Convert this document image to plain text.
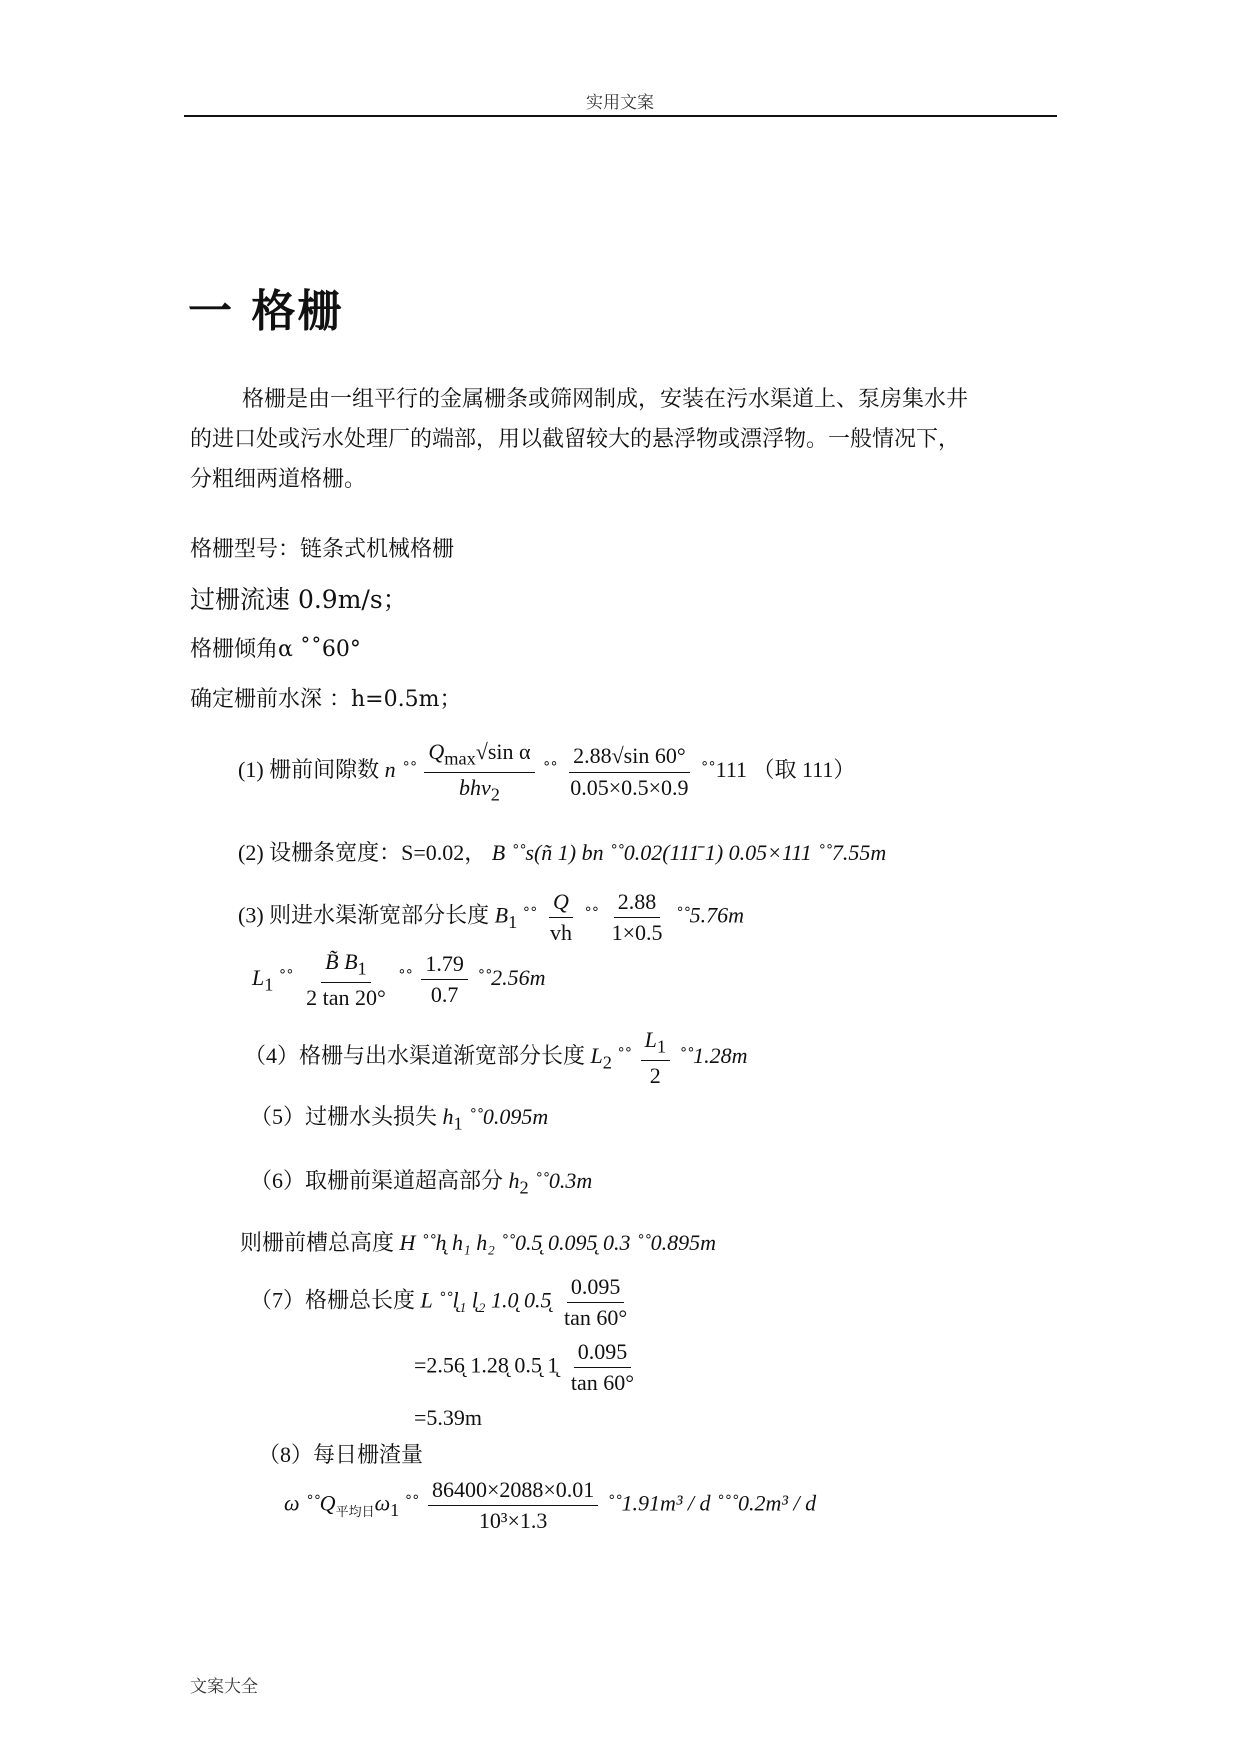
实用文案
一 格栅

格栅是由一组平行的金属栅条或筛网制成，安装在污水渠道上、泵房集水井

的进口处或污水处理厂的端部，用以截留较大的悬浮物或漂浮物。一般情况下，

分粗细两道格栅。

格栅型号：链条式机械格栅
过栅流速 0.9m/s；
格栅倾角α ˚˚60°
确定栅前水深 ：h=0.5m；
(1) 栅前间隙数 n ˚˚ $\frac{Q_{max}√\sin \alpha}{bhv_2}$ ˚˚ $\frac{2.88√\sin 60^\circ}{0.05\times 0.5\times 0.9}$ ˚˚111 （取 111）
(2) 设栅条宽度：S=0.02， B ˚˚s(ñ 1) bn ˚˚0.02(111̄ 1) 0.05×111 ˚˚7.55m
(3) 则进水渠渐宽部分长度 $B_1$ ˚˚ $\frac{Q}{vh}$ ˚˚ $\frac{2.88}{1\times 0.5}$ ˚˚5.76m
$L_1$ ˚˚ $\frac{B̃ B_1}{2 \tan 20^\circ}$ ˚˚ $\frac{1.79}{0.7}$ ˚˚2.56m
（4）格栅与出水渠道渐宽部分长度 $L_2$ ˚˚ $\frac{L_1}{2}$ ˚˚1.28m
（5）过栅水头损失 $h_1$ ˚˚0.095m
（6）取栅前渠道超高部分 $h_2$ ˚˚0.3m
则栅前槽总高度 H ˚˚h̨ h₁ h₂ ˚˚0.5̨ 0.095̨ 0.3 ˚˚0.895m
（7）格栅总长度 L ˚˚l̨₁ l̨₂ 1.0̨ 0.5̨ $\frac{0.095}{\tan 60^\circ}$
=2.56̨ 1.28̨ 0.5̨ 1̨ $\frac{0.095}{\tan 60^\circ}$
=5.39m
（8）每日栅渣量
ω $˚˚Q_{平均日}\omega_1$ ˚˚ $\frac{86400\times 2088\times 0.01}{\text{10³×1.3}}$ ˚˚1.91m³ / d ˚˚˚0.2m³ / d
文案大全
